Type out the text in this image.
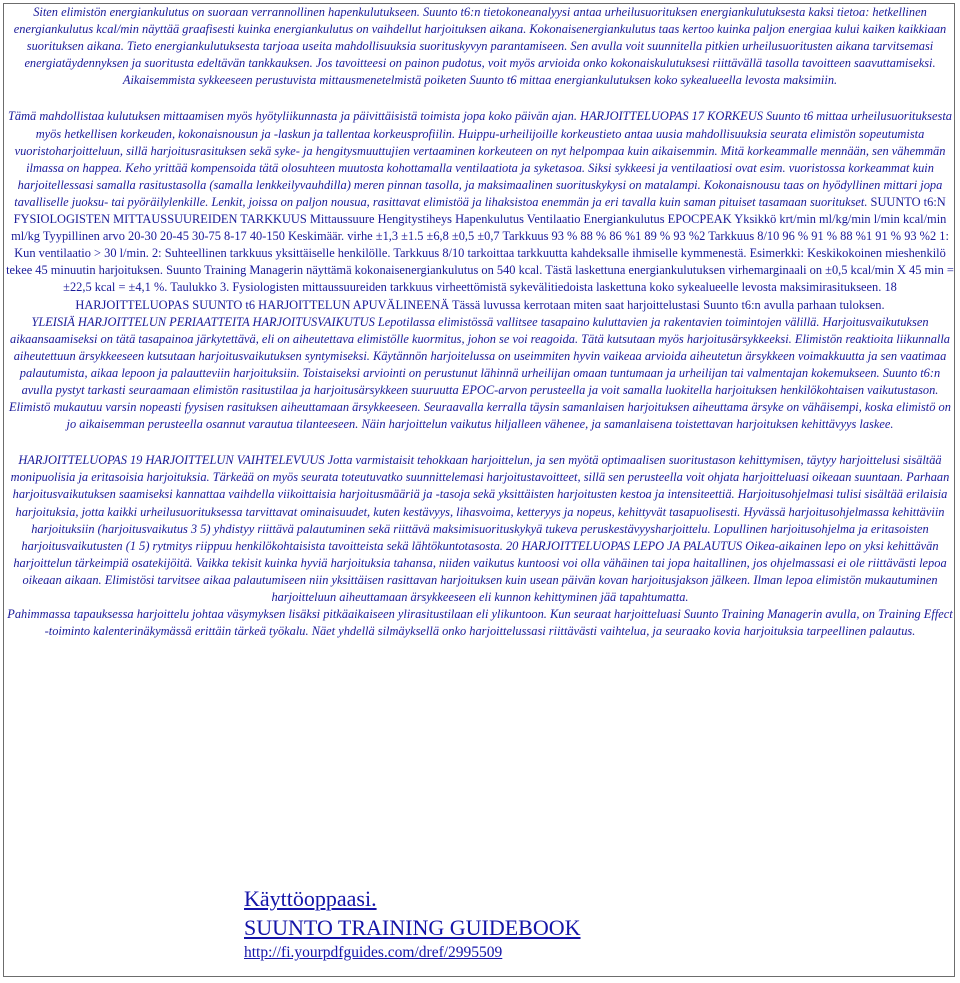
Siten elimistön energiankulutus on suoraan verrannollinen hapenkulutukseen. Suunto t6:n tietokoneanalyysi antaa urheilusuorituksen energiankulutuksesta kaksi tietoa: hetkellinen energiankulutus kcal/min näyttää graafisesti kuinka energiankulutus on vaihdellut harjoituksen aikana. Kokonaisenergiankulutus taas kertoo kuinka paljon energiaa kului kaiken kaikkiaan suorituksen aikana. Tieto energiankulutuksesta tarjoaa useita mahdollisuuksia suorituskyvyn parantamiseen. Sen avulla voit suunnitella pitkien urheilusuoritusten aikana tarvitsemasi energiatäydennyksen ja suoritusta edeltävän tankkauksen. Jos tavoitteesi on painon pudotus, voit myös arvioida onko kokonaiskulutuksesi riittävällä tasolla tavoitteen saavuttamiseksi. Aikaisemmista sykkeeseen perustuvista mittausmenetelmistä poiketen Suunto t6 mittaa energiankulutuksen koko sykealueella levosta maksimiin.

Tämä mahdollistaa kulutuksen mittaamisen myös hyötyliikunnasta ja päivittäisistä toimista jopa koko päivän ajan. HARJOITTELUOPAS 17 KORKEUS Suunto t6 mittaa urheilusuorituksesta myös hetkellisen korkeuden, kokonaisnousun ja -laskun ja tallentaa korkeusprofiilin. Huippu-urheilijoille korkeustieto antaa uusia mahdollisuuksia seurata elimistön sopeutumista vuoristoharjoitteluun, sillä harjoitusrasituksen sekä syke- ja hengitysmuuttujien vertaaminen korkeuteen on nyt helpompaa kuin aikaisemmin. Mitä korkeammalle mennään, sen vähemmän ilmassa on happea. Keho yrittää kompensoida tätä olosuhteen muutosta kohottamalla ventilaatiota ja syketasoa. Siksi sykkeesi ja ventilaatiosi ovat esim. vuoristossa korkeammat kuin harjoitellessasi samalla rasitustasolla (samalla lenkkeilyvauhdilla) meren pinnan tasolla, ja maksimaalinen suorituskykysi on matalampi. Kokonaisnousu taas on hyödyllinen mittari jopa tavalliselle juoksu- tai pyöräilylenkille. Lenkit, joissa on paljon nousua, rasittavat elimistöä ja lihaksistoa enemmän ja eri tavalla kuin saman pituiset tasamaan suoritukset. SUUNTO t6:N FYSIOLOGISTEN MITTAUSSUUREIDEN TARKKUUS Mittaussuure Hengitystiheys Hapenkulutus Ventilaatio Energiankulutus EPOCPEAK Yksikkö krt/min ml/kg/min l/min kcal/min ml/kg Tyypillinen arvo 20-30 20-45 30-75 8-17 40-150 Keskimäär. virhe ±1,3 ±1.5 ±6,8 ±0,5 ±0,7 Tarkkuus 93 % 88 % 86 %1 89 % 93 %2 Tarkkuus 8/10 96 % 91 % 88 %1 91 % 93 %2 1: Kun ventilaatio > 30 l/min. 2: Suhteellinen tarkkuus yksittäiselle henkilölle. Tarkkuus 8/10 tarkoittaa tarkkuutta kahdeksalle ihmiselle kymmenestä. Esimerkki: Keskikokoinen mieshenkilö tekee 45 minuutin harjoituksen. Suunto Training Managerin näyttämä kokonaisenergiankulutus on 540 kcal. Tästä laskettuna energiankulutuksen virhemarginaali on ±0,5 kcal/min X 45 min = ±22,5 kcal = ±4,1 %. Taulukko 3. Fysiologisten mittaussuureiden tarkkuus virheettömistä sykevälitiedoista laskettuna koko sykealueelle levosta maksimirasitukseen. 18 HARJOITTELUOPAS SUUNTO t6 HARJOITTELUN APUVÄLINEENÄ Tässä luvussa kerrotaan miten saat harjoittelustasi Suunto t6:n avulla parhaan tuloksen.

YLEISIÄ HARJOITTELUN PERIAATTEITA HARJOITUSVAIKUTUS Lepotilassa elimistössä vallitsee tasapaino kuluttavien ja rakentavien toimintojen välillä. Harjoitusvaikutuksen aikaansaamiseksi on tätä tasapainoa järkytettävä, eli on aiheutettava elimistölle kuormitus, johon se voi reagoida. Tätä kutsutaan myös harjoitusärsykkeeksi. Elimistön reaktioita liikunnalla aiheutettuun ärsykkeeseen kutsutaan harjoitusvaikutuksen syntymiseksi. Käytännön harjoitelussa on useimmiten hyvin vaikeaa arvioida aiheutetun ärsykkeen voimakkuutta ja sen vaatimaa palautumista, aikaa lepoon ja palautteviin harjoituksiin. Toistaiseksi arviointi on perustunut lähinnä urheilijan omaan tuntumaan ja urheilijan tai valmentajan kokemukseen. Suunto t6:n avulla pystyt tarkasti seuraamaan elimistön rasitustilaa ja harjoitusärsykkeen suuruutta EPOC-arvon perusteella ja voit samalla luokitella harjoituksen henkilökohtaisen vaikutustason. Elimistö mukautuu varsin nopeasti fyysisen rasituksen aiheuttamaan ärsykkeeseen. Seuraavalla kerralla täysin samanlaisen harjoituksen aiheuttama ärsyke on vähäisempi, koska elimistö on jo aikaisemman perusteella osannut varautua tilanteeseen. Näin harjoittelun vaikutus hiljalleen vähenee, ja samanlaisena toistettavan harjoituksen kehittävyys laskee.

HARJOITTELUOPAS 19 HARJOITTELUN VAIHTELEVUUS Jotta varmistaisit tehokkaan harjoittelun, ja sen myötä optimaalisen suoritustason kehittymisen, täytyy harjoittelusi sisältää monipuolisia ja eritasoisia harjoituksia. Tärkeää on myös seurata toteutuvatko suunnittelemasi harjoitustavoitteet, sillä sen perusteella voit ohjata harjoitteluasi oikeaan suuntaan. Parhaan harjoitusvaikutuksen saamiseksi kannattaa vaihdella viikoittaisia harjoitusmääriä ja -tasoja sekä yksittäisten harjoitusten kestoa ja intensiteettiä. Harjoitusohjelmasi tulisi sisältää erilaisia harjoituksia, jotta kaikki urheilusuorituksessa tarvittavat ominaisuudet, kuten kestävyys, lihasvoima, ketteryys ja nopeus, kehittyvät tasapuolisesti. Hyvässä harjoitusohjelmassa kehittäviin harjoituksiin (harjoitusvaikutus 3 5) yhdistyy riittävä palautuminen sekä riittävä maksimisuorituskykyä tukeva peruskestävyysharjoittelu. Lopullinen harjoitusohjelma ja eritasoisten harjoitusvaikutusten (1 5) rytmitys riippuu henkilökohtaisista tavoitteista sekä lähtökuntotasosta. 20 HARJOITTELUOPAS LEPO JA PALAUTUS Oikea-aikainen lepo on yksi kehittävän harjoittelun tärkeimpiä osatekijöitä. Vaikka tekisit kuinka hyviä harjoituksia tahansa, niiden vaikutus kuntoosi voi olla vähäinen tai jopa haitallinen, jos ohjelmassasi ei ole riittävästi lepoa oikeaan aikaan. Elimistösi tarvitsee aikaa palautumiseen niin yksittäisen rasittavan harjoituksen kuin usean päivän kovan harjoitusjakson jälkeen. Ilman lepoa elimistön mukautuminen harjoitteluun aiheuttamaan ärsykkeeseen eli kunnon kehittyminen jää tapahtumatta.

Pahimmassa tapauksessa harjoittelu johtaa väsymyksen lisäksi pitkäaikaiseen ylirasitustilaan eli ylikuntoon. Kun seuraat harjoitteluasi Suunto Training Managerin avulla, on Training Effect -toiminto kalenterinäkymässä erittäin tärkeä työkalu. Näet yhdellä silmäyksellä onko harjoittelussasi riittävästi vaihtelua, ja seuraako kovia harjoituksia tarpeellinen palautus.

Käyttöoppaasi.
SUUNTO TRAINING GUIDEBOOK
http://fi.yourpdfguides.com/dref/2995509
